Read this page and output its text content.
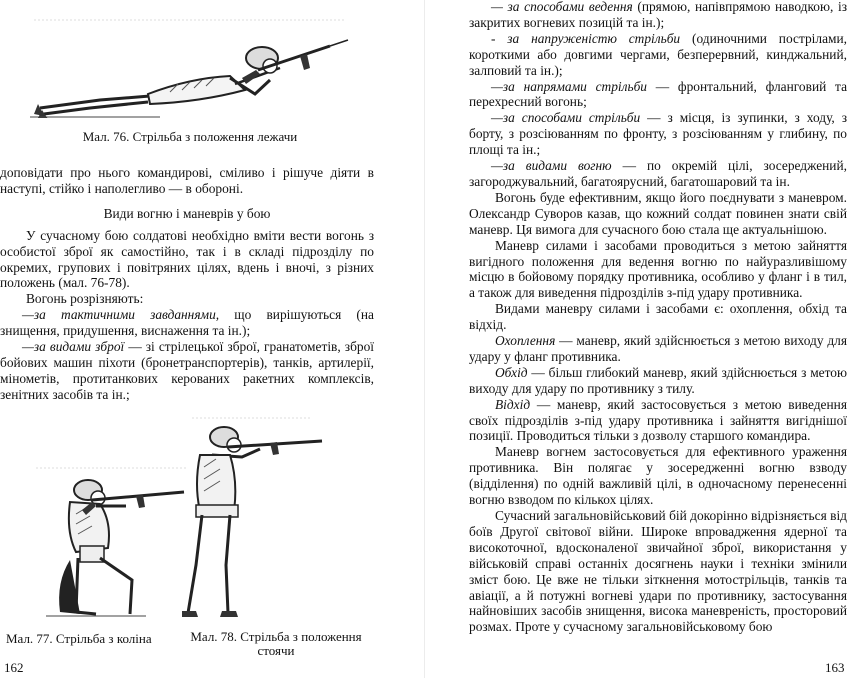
Мал. 76. Стрільба з положення лежачи

доповідати про нього командирові, сміливо і рішуче діяти в наступі, стійко і наполегливо — в обороні.

Види вогню і маневрів у бою

У сучасному бою солдатові необхідно вміти вести вогонь з особистої зброї як самостійно, так і в складі підрозділу по окремих, групових і повітряних цілях, вдень і вночі, з різних положень (мал. 76-78).

Вогонь розрізняють:

—за тактичними завданнями, що вирішуються (на знищення, придушення, виснаження та ін.);

—за видами зброї — зі стрілецької зброї, гранатометів, зброї бойових машин піхоти (бронетранспортерів), танків, артилерії, мінометів, протитанкових керованих ракетних комплексів, зенітних засобів та ін.;

Мал. 77. Стрільба з коліна	Мал. 78. Стрільба з положення стоячи
162

— за способами ведення (прямою, напівпрямою наводкою, із закритих вогневих позицій та ін.);

- за напруженістю стрільби (одиночними пострілами, короткими або довгими чергами, безперервний, кинджальний, залповий та ін.);

—за напрямами стрільби — фронтальний, фланговий та перехресний вогонь;

—за способами стрільби — з місця, із зупинки, з ходу, з борту, з розсіюванням по фронту, з розсіюванням у глибину, по площі та ін.;

—за видами вогню — по окремій цілі, зосереджений, загороджувальний, багатоярусний, багатошаровий та ін.

Вогонь буде ефективним, якщо його поєднувати з маневром. Олександр Суворов казав, що кожний солдат повинен знати свій маневр. Ця вимога для сучасного бою стала ще актуальнішою.

Маневр силами і засобами проводиться з метою зайняття вигідного положення для ведення вогню по найуразливішому місцю в бойовому порядку противника, особливо у фланг і в тил, а також для виведення підрозділів з-під удару противника.

Видами маневру силами і засобами є: охоплення, обхід та відхід.

Охоплення — маневр, який здійснюється з метою виходу для удару у фланг противника.

Обхід — більш глибокий маневр, який здійснюється з метою виходу для удару по противнику з тилу.

Відхід — маневр, який застосовується з метою виведення своїх підрозділів з-під удару противника і зайняття вигіднішої позиції. Проводиться тільки з дозволу старшого командира.

Маневр вогнем застосовується для ефективного ураження противника. Він полягає у зосередженні вогню взводу (відділення) по одній важливій цілі, в одночасному перенесенні вогню взводом по кількох цілях.

Сучасний загальновійськовий бій докорінно відрізняється від боїв Другої світової війни. Широке впровадження ядерної та високоточної, вдосконаленої звичайної зброї, використання у військовій справі останніх досягнень науки і техніки змінили зміст бою. Це вже не тільки зіткнення мотострільців, танків та авіації, а й потужні вогневі удари по противнику, застосування найновіших засобів знищення, висока маневреність, просторовий розмах. Проте у сучасному загальновійськовому бою

163
